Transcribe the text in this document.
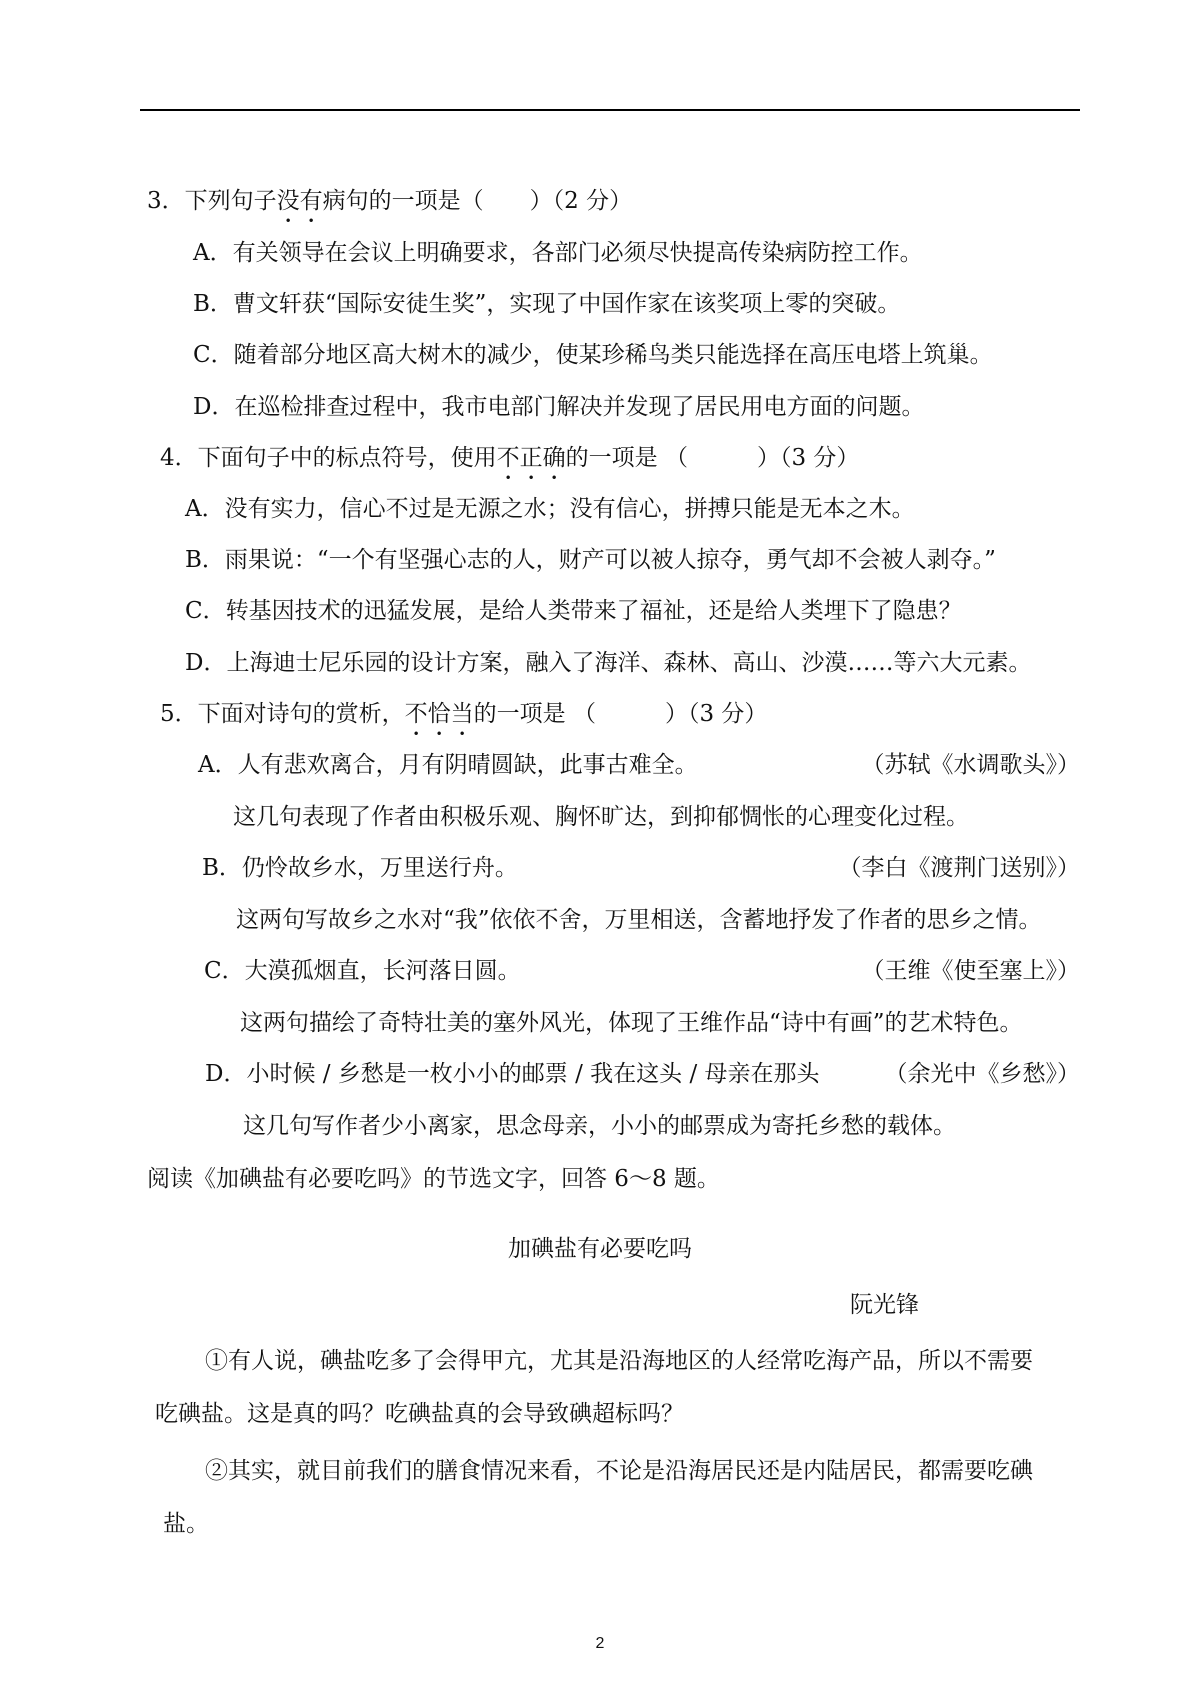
3．下列句子没有病句的一项是（　　）（2 分）
A．有关领导在会议上明确要求，各部门必须尽快提高传染病防控工作。
B．曹文轩获“国际安徒生奖”，实现了中国作家在该奖项上零的突破。
C．随着部分地区高大树木的减少，使某珍稀鸟类只能选择在高压电塔上筑巢。
D．在巡检排查过程中，我市电部门解决并发现了居民用电方面的问题。
4．下面句子中的标点符号，使用不正确的一项是 （　　　）（3 分）
A．没有实力，信心不过是无源之水；没有信心，拼搏只能是无本之木。
B．雨果说：“一个有坚强心志的人，财产可以被人掠夺，勇气却不会被人剥夺。”
C．转基因技术的迅猛发展，是给人类带来了福祉，还是给人类埋下了隐患？
D．上海迪士尼乐园的设计方案，融入了海洋、森林、高山、沙漠……等六大元素。
5．下面对诗句的赏析，不恰当的一项是 （　　　）（3 分）
A．人有悲欢离合，月有阴晴圆缺，此事古难全。	（苏轼《水调歌头》）
这几句表现了作者由积极乐观、胸怀旷达，到抑郁惆怅的心理变化过程。
B．仍怜故乡水，万里送行舟。	（李白《渡荆门送别》）
这两句写故乡之水对“我”依依不舍，万里相送，含蓄地抒发了作者的思乡之情。
C．大漠孤烟直，长河落日圆。	（王维《使至塞上》）
这两句描绘了奇特壮美的塞外风光，体现了王维作品“诗中有画”的艺术特色。
D．小时候 / 乡愁是一枚小小的邮票 / 我在这头 / 母亲在那头	（余光中《乡愁》）
这几句写作者少小离家，思念母亲，小小的邮票成为寄托乡愁的载体。
阅读《加碘盐有必要吃吗》的节选文字，回答 6～8 题。
加碘盐有必要吃吗
阮光锋
①有人说，碘盐吃多了会得甲亢，尤其是沿海地区的人经常吃海产品，所以不需要
吃碘盐。这是真的吗？吃碘盐真的会导致碘超标吗？
②其实，就目前我们的膳食情况来看，不论是沿海居民还是内陆居民，都需要吃碘
盐。
2
